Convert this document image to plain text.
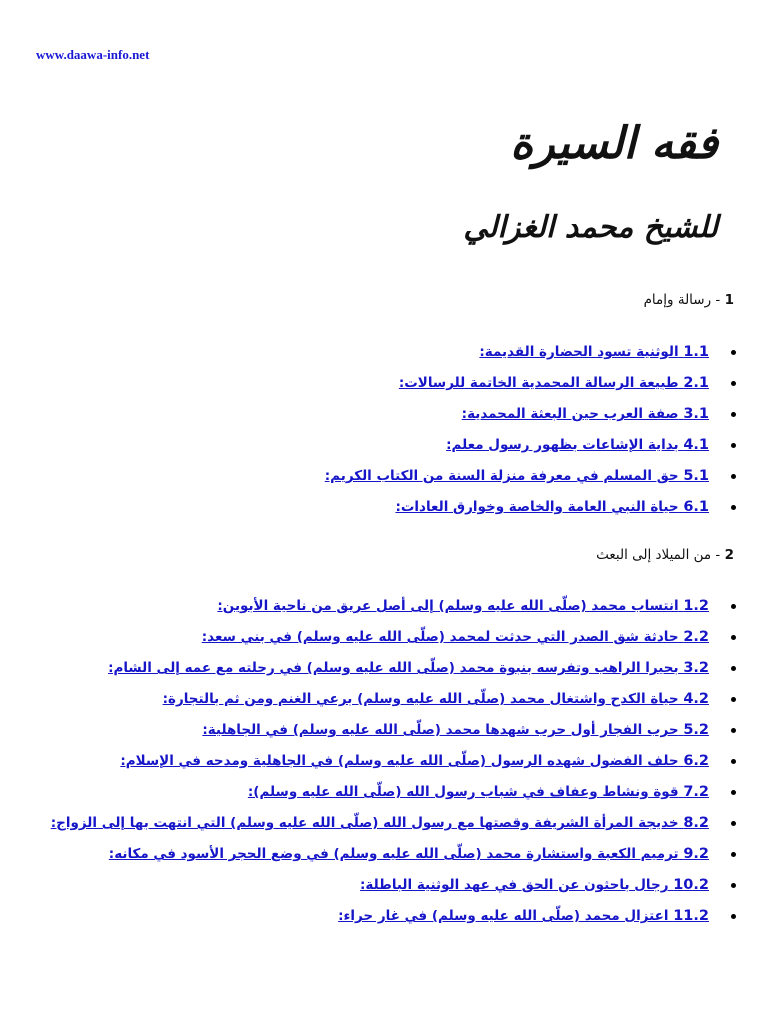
www.daawa-info.net
فقه السيرة
للشيخ محمد الغزالي
1 - رسالة وإمام
1.1 الوثنية تسود الحضارة القديمة:
2.1 طبيعة الرسالة المحمدية الخاتمة للرسالات:
3.1 صفة العرب حين البعثة المحمدية:
4.1 بداية الإشاعات بظهور رسول معلم:
5.1 حق المسلم في معرفة منزلة السنة من الكتاب الكريم:
6.1 حياة النبي العامة والخاصة وخوارق العادات:
2 - من الميلاد إلى البعث
1.2 انتساب محمد (صلّى الله عليه وسلم) إلى أصل عريق من ناحية الأبوين:
2.2 حادثة شق الصدر التي حدثت لمحمد (صلّى الله عليه وسلم) في بني سعد:
3.2 بحيرا الراهب وتفرسه بنبوة محمد (صلّى الله عليه وسلم) في رحلته مع عمه إلى الشام:
4.2 حياة الكدح واشتغال محمد (صلّى الله عليه وسلم) برعي الغنم ومن ثم بالتجارة:
5.2 حرب الفجار أول حرب شهدها محمد (صلّى الله عليه وسلم) في الجاهلية:
6.2 حلف الفضول شهده الرسول (صلّى الله عليه وسلم) في الجاهلية ومدحه في الإسلام:
7.2 قوة ونشاط وعفاف في شباب رسول الله (صلّى الله عليه وسلم):
8.2 خديجة المرأة الشريفة وقصتها مع رسول الله (صلّى الله عليه وسلم) التي انتهت بها إلى الزواج:
9.2 ترميم الكعبة واستشارة محمد (صلّى الله عليه وسلم) في وضع الحجر الأسود في مكانه:
10.2 رجال باحثون عن الحق في عهد الوثنية الباطلة:
11.2 اعتزال محمد (صلّى الله عليه وسلم) في غار حراء:
